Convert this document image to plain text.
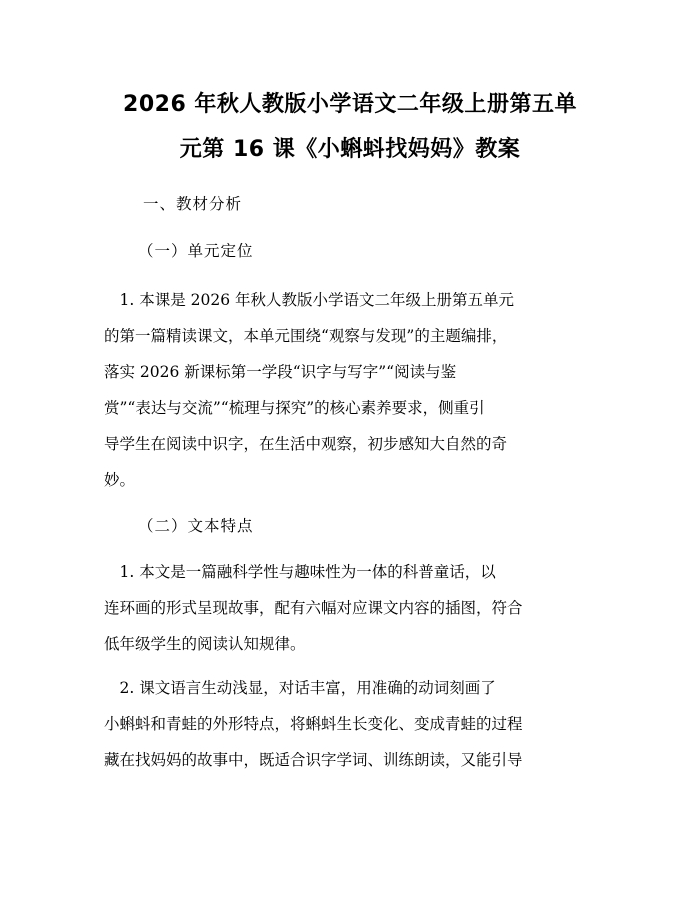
2026 年秋人教版小学语文二年级上册第五单
元第 16 课《小蝌蚪找妈妈》教案

一、教材分析

（一）单元定位

　1. 本课是 2026 年秋人教版小学语文二年级上册第五单元
的第一篇精读课文，本单元围绕“观察与发现”的主题编排，
落实 2026 新课标第一学段“识字与写字”“阅读与鉴
赏”“表达与交流”“梳理与探究”的核心素养要求，侧重引
导学生在阅读中识字，在生活中观察，初步感知大自然的奇
妙。

（二）文本特点

　1. 本文是一篇融科学性与趣味性为一体的科普童话，以
连环画的形式呈现故事，配有六幅对应课文内容的插图，符合
低年级学生的阅读认知规律。
　2. 课文语言生动浅显，对话丰富，用准确的动词刻画了
小蝌蚪和青蛙的外形特点，将蝌蚪生长变化、变成青蛙的过程
藏在找妈妈的故事中，既适合识字学词、训练朗读，又能引导
